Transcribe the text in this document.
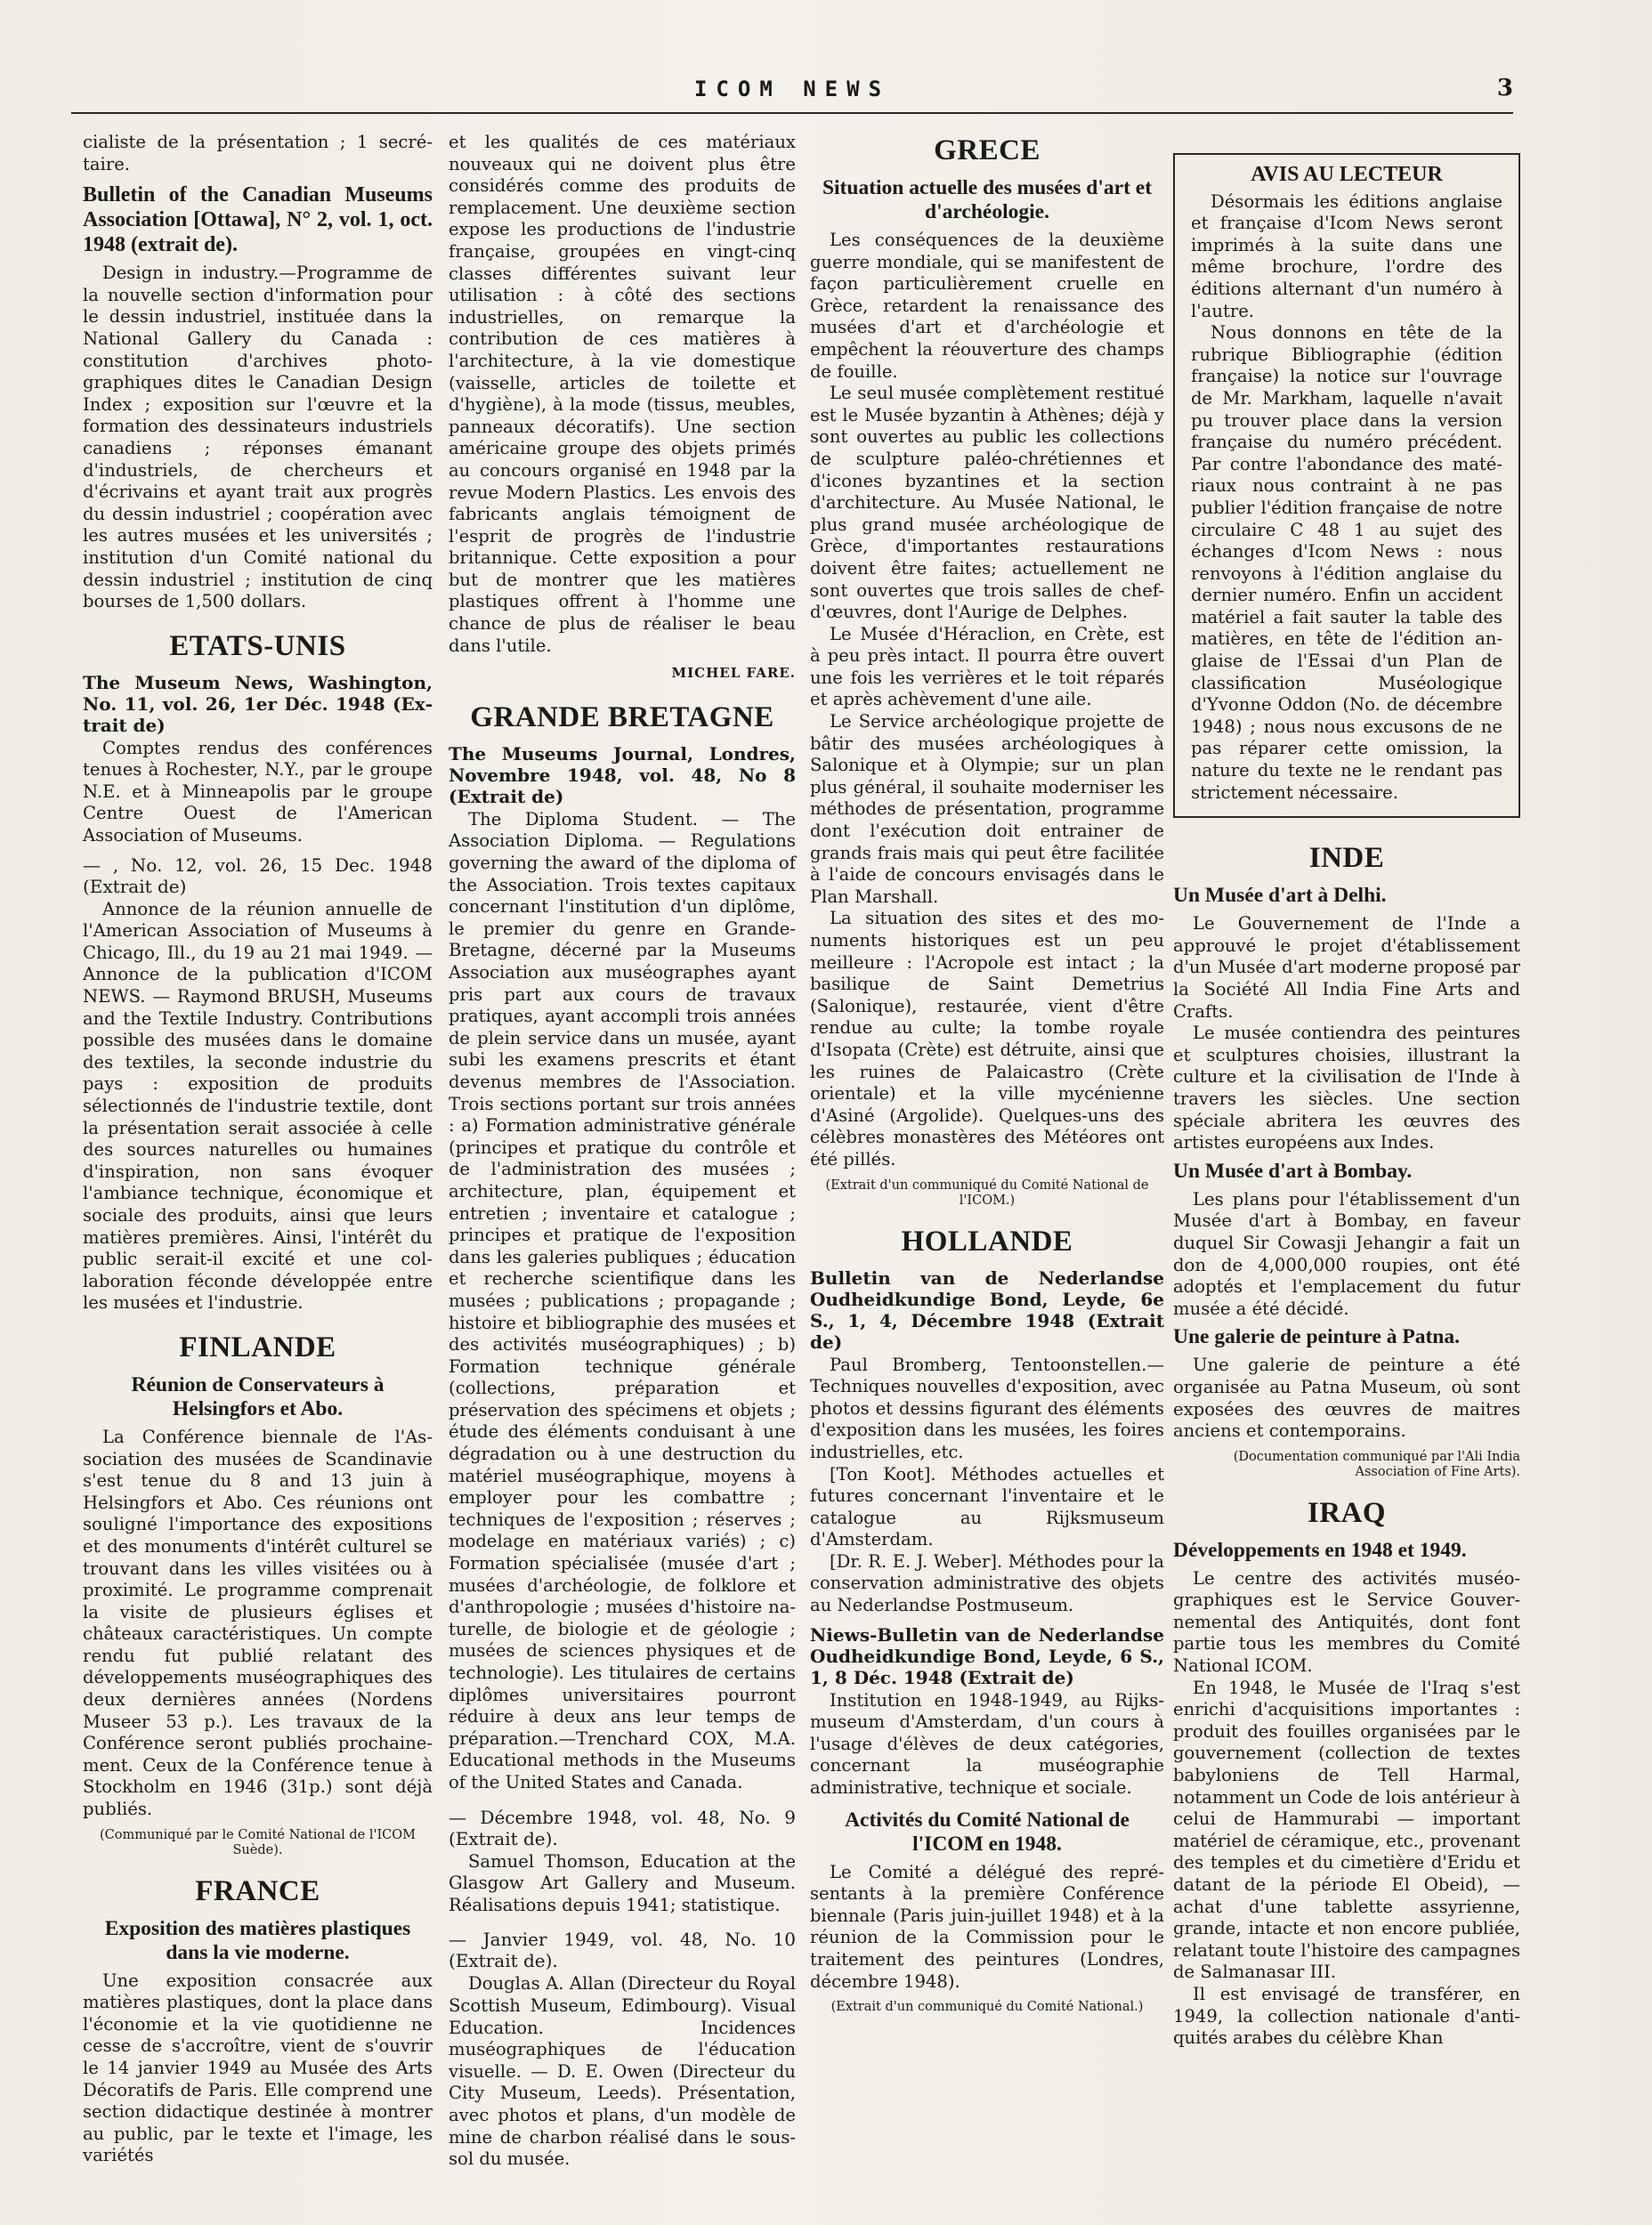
ICOM NEWS	3

cialiste de la présentation ; 1 secrétaire.

Bulletin of the Canadian Museums Association [Ottawa], N° 2, vol. 1, oct. 1948 (extrait de).

Design in industry.—Programme de la nouvelle section d'information pour le dessin industriel, instituée dans la National Gallery du Canada : constitution d'archives photographiques dites le Canadian Design Index ; exposition sur l'œuvre et la formation des dessinateurs industriels canadiens ; réponses émanant d'industriels, de chercheurs et d'écrivains et ayant trait aux progrès du dessin industriel ; coopération avec les autres musées et les universités ; institution d'un Comité national du dessin industriel ; institution de cinq bourses de 1,500 dollars.

ETATS-UNIS
The Museum News, Washington, No. 11, vol. 26, 1er Déc. 1948 (Extrait de)

Comptes rendus des conférences tenues à Rochester, N.Y., par le groupe N.E. et à Minneapolis par le groupe Centre Ouest de l'American Association of Museums.

— , No. 12, vol. 26, 15 Dec. 1948 (Extrait de)

Annonce de la réunion annuelle de l'American Association of Museums à Chicago, Ill., du 19 au 21 mai 1949. — Annonce de la publication d'ICOM NEWS. — Raymond BRUSH, Museums and the Textile Industry. Contributions possible des musées dans le domaine des textiles, la seconde industrie du pays : exposition de produits sélectionnés de l'industrie textile, dont la présentation serait associée à celle des sources naturelles ou humaines d'inspiration, non sans évoquer l'ambiance technique, économique et sociale des produits, ainsi que leurs matières premières. Ainsi, l'intérêt du public serait-il excité et une collaboration féconde développée entre les musées et l'industrie.

FINLANDE
Réunion de Conservateurs à Helsingfors et Abo.

La Conférence biennale de l'Association des musées de Scandinavie s'est tenue du 8 and 13 juin à Helsingfors et Abo. Ces réunions ont souligné l'importance des expositions et des monuments d'intérêt culturel se trouvant dans les villes visitées ou à proximité. Le programme comprenait la visite de plusieurs églises et châteaux caractéristiques. Un compte rendu fut publié relatant des développements muséographiques des deux dernières années (Nordens Museer 53 p.). Les travaux de la Conférence seront publiés prochainement. Ceux de la Conférence tenue à Stockholm en 1946 (31p.) sont déjà publiés.

(Communiqué par le Comité National de l'ICOM Suède).
FRANCE
Exposition des matières plastiques dans la vie moderne.

Une exposition consacrée aux matières plastiques, dont la place dans l'économie et la vie quotidienne ne cesse de s'accroître, vient de s'ouvrir le 14 janvier 1949 au Musée des Arts Décoratifs de Paris. Elle comprend une section didactique destinée à montrer au public, par le texte et l'image, les variétés

et les qualités de ces matériaux nouveaux qui ne doivent plus être considérés comme des produits de remplacement. Une deuxième section expose les productions de l'industrie française, groupées en vingt-cinq classes différentes suivant leur utilisation : à côté des sections industrielles, on remarque la contribution de ces matières à l'architecture, à la vie domestique (vaisselle, articles de toilette et d'hygiène), à la mode (tissus, meubles, panneaux décoratifs). Une section américaine groupe des objets primés au concours organisé en 1948 par la revue Modern Plastics. Les envois des fabricants anglais témoignent de l'esprit de progrès de l'industrie britannique. Cette exposition a pour but de montrer que les matières plastiques offrent à l'homme une chance de plus de réaliser le beau dans l'utile.

MICHEL FARE.
GRANDE BRETAGNE
The Museums Journal, Londres, Novembre 1948, vol. 48, No 8 (Extrait de)

The Diploma Student. — The Association Diploma. — Regulations governing the award of the diploma of the Association. Trois textes capitaux concernant l'institution d'un diplôme, le premier du genre en Grande-Bretagne, décerné par la Museums Association aux muséographes ayant pris part aux cours de travaux pratiques, ayant accompli trois années de plein service dans un musée, ayant subi les examens prescrits et étant devenus membres de l'Association. Trois sections portant sur trois années : a) Formation administrative générale (principes et pratique du contrôle et de l'administration des musées ; architecture, plan, équipement et entretien ; inventaire et catalogue ; principes et pratique de l'exposition dans les galeries publiques ; éducation et recherche scientifique dans les musées ; publications ; propagande ; histoire et bibliographie des musées et des activités muséographiques) ; b) Formation technique générale (collections, préparation et préservation des spécimens et objets ; étude des éléments conduisant à une dégradation ou à une destruction du matériel muséographique, moyens à employer pour les combattre ; techniques de l'exposition ; réserves ; modelage en matériaux variés) ; c) Formation spécialisée (musée d'art ; musées d'archéologie, de folklore et d'anthropologie ; musées d'histoire naturelle, de biologie et de géologie ; musées de sciences physiques et de technologie). Les titulaires de certains diplômes universitaires pourront réduire à deux ans leur temps de préparation.—Trenchard COX, M.A. Educational methods in the Museums of the United States and Canada.

— Décembre 1948, vol. 48, No. 9 (Extrait de).

Samuel Thomson, Education at the Glasgow Art Gallery and Museum. Réalisations depuis 1941; statistique.

— Janvier 1949, vol. 48, No. 10 (Extrait de).

Douglas A. Allan (Directeur du Royal Scottish Museum, Edimbourg). Visual Education. Incidences muséographiques de l'éducation visuelle. — D. E. Owen (Directeur du City Museum, Leeds). Présentation, avec photos et plans, d'un modèle de mine de charbon réalisé dans le sous-sol du musée.

GRECE
Situation actuelle des musées d'art et d'archéologie.

Les conséquences de la deuxième guerre mondiale, qui se manifestent de façon particulièrement cruelle en Grèce, retardent la renaissance des musées d'art et d'archéologie et empêchent la réouverture des champs de fouille.

Le seul musée complètement restitué est le Musée byzantin à Athènes; déjà y sont ouvertes au public les collections de sculpture paléo-chrétiennes et d'icones byzantines et la section d'architecture. Au Musée National, le plus grand musée archéologique de Grèce, d'importantes restaurations doivent être faites; actuellement ne sont ouvertes que trois salles de chef-d'œuvres, dont l'Aurige de Delphes.

Le Musée d'Héraclion, en Crète, est à peu près intact. Il pourra être ouvert une fois les verrières et le toit réparés et après achèvement d'une aile.

Le Service archéologique projette de bâtir des musées archéologiques à Salonique et à Olympie; sur un plan plus général, il souhaite moderniser les méthodes de présentation, programme dont l'exécution doit entrainer de grands frais mais qui peut être facilitée à l'aide de concours envisagés dans le Plan Marshall.

La situation des sites et des monuments historiques est un peu meilleure : l'Acropole est intact ; la basilique de Saint Demetrius (Salonique), restaurée, vient d'être rendue au culte; la tombe royale d'Isopata (Crète) est détruite, ainsi que les ruines de Palaicastro (Crète orientale) et la ville mycénienne d'Asiné (Argolide). Quelques-uns des célèbres monastères des Météores ont été pillés.

(Extrait d'un communiqué du Comité National de l'ICOM.)
HOLLANDE
Bulletin van de Nederlandse Oudheidkundige Bond, Leyde, 6e S., 1, 4, Décembre 1948 (Extrait de)

Paul Bromberg, Tentoonstellen.— Techniques nouvelles d'exposition, avec photos et dessins figurant des éléments d'exposition dans les musées, les foires industrielles, etc.

[Ton Koot]. Méthodes actuelles et futures concernant l'inventaire et le catalogue au Rijksmuseum d'Amsterdam.

[Dr. R. E. J. Weber]. Méthodes pour la conservation administrative des objets au Nederlandse Postmuseum.

Niews-Bulletin van de Nederlandse Oudheidkundige Bond, Leyde, 6 S., 1, 8 Déc. 1948 (Extrait de)

Institution en 1948-1949, au Rijksmuseum d'Amsterdam, d'un cours à l'usage d'élèves de deux catégories, concernant la muséographie administrative, technique et sociale.

Activités du Comité National de l'ICOM en 1948.

Le Comité a délégué des représentants à la première Conférence biennale (Paris juin-juillet 1948) et à la réunion de la Commission pour le traitement des peintures (Londres, décembre 1948).

(Extrait d'un communiqué du Comité National.)
AVIS AU LECTEUR

Désormais les éditions anglaise et française d'Icom News seront imprimés à la suite dans une même brochure, l'ordre des éditions alternant d'un numéro à l'autre.

Nous donnons en tête de la rubrique Bibliographie (édition française) la notice sur l'ouvrage de Mr. Markham, laquelle n'avait pu trouver place dans la version française du numéro précédent. Par contre l'abondance des matériaux nous contraint à ne pas publier l'édition française de notre circulaire C 48 1 au sujet des échanges d'Icom News : nous renvoyons à l'édition anglaise du dernier numéro. Enfin un accident matériel a fait sauter la table des matières, en tête de l'édition anglaise de l'Essai d'un Plan de classification Muséologique d'Yvonne Oddon (No. de décembre 1948) ; nous nous excusons de ne pas réparer cette omission, la nature du texte ne le rendant pas strictement nécessaire.

INDE
Un Musée d'art à Delhi.

Le Gouvernement de l'Inde a approuvé le projet d'établissement d'un Musée d'art moderne proposé par la Société All India Fine Arts and Crafts.

Le musée contiendra des peintures et sculptures choisies, illustrant la culture et la civilisation de l'Inde à travers les siècles. Une section spéciale abritera les œuvres des artistes européens aux Indes.

Un Musée d'art à Bombay.

Les plans pour l'établissement d'un Musée d'art à Bombay, en faveur duquel Sir Cowasji Jehangir a fait un don de 4,000,000 roupies, ont été adoptés et l'emplacement du futur musée a été décidé.

Une galerie de peinture à Patna.

Une galerie de peinture a été organisée au Patna Museum, où sont exposées des œuvres de maitres anciens et contemporains.

(Documentation communiqué par l'Ali India Association of Fine Arts).
IRAQ
Développements en 1948 et 1949.

Le centre des activités muséographiques est le Service Gouvernemental des Antiquités, dont font partie tous les membres du Comité National ICOM.

En 1948, le Musée de l'Iraq s'est enrichi d'acquisitions importantes : produit des fouilles organisées par le gouvernement (collection de textes babyloniens de Tell Harmal, notamment un Code de lois antérieur à celui de Hammurabi — important matériel de céramique, etc., provenant des temples et du cimetière d'Eridu et datant de la période El Obeid), — achat d'une tablette assyrienne, grande, intacte et non encore publiée, relatant toute l'histoire des campagnes de Salmanasar III.

Il est envisagé de transférer, en 1949, la collection nationale d'antiquités arabes du célèbre Khan
